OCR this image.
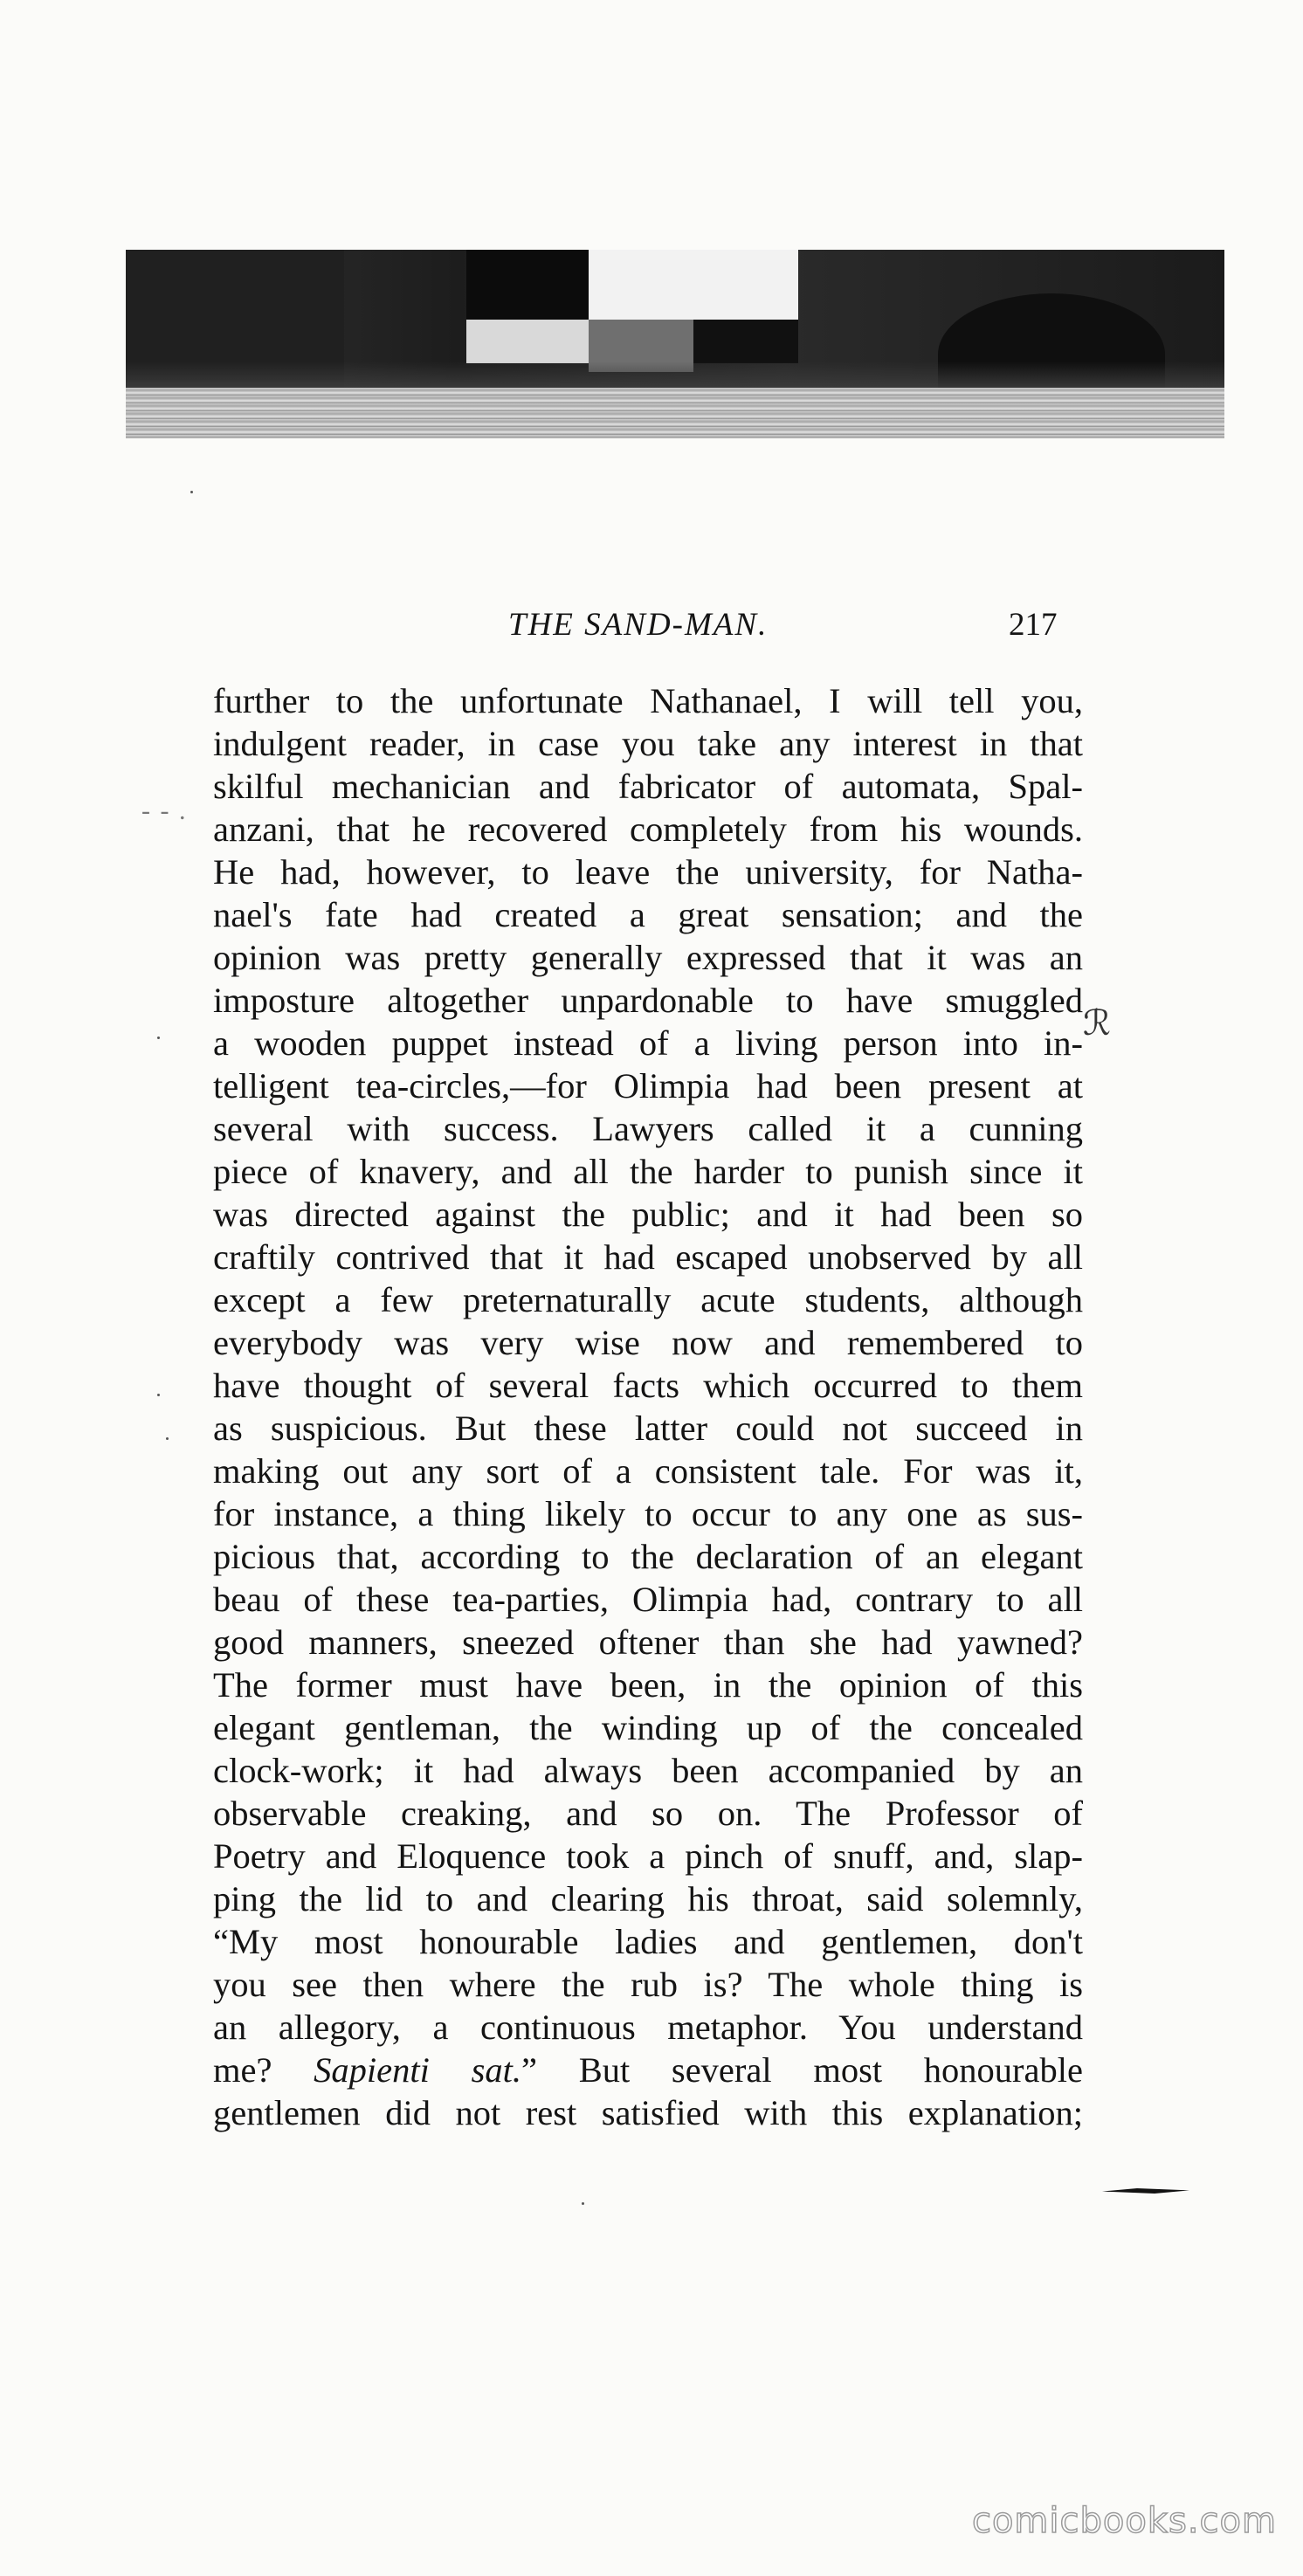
THE SAND-MAN.	217
- - .
ℛ
further to the unfortunate Nathanael, I will tell you,
indulgent reader, in case you take any interest in that
skilful mechanician and fabricator of automata, Spal-
anzani, that he recovered completely from his wounds.
He had, however, to leave the university, for Natha-
nael's fate had created a great sensation; and the
opinion was pretty generally expressed that it was an
imposture altogether unpardonable to have smuggled
a wooden puppet instead of a living person into in-
telligent tea-circles,—for Olimpia had been present at
several with success. Lawyers called it a cunning
piece of knavery, and all the harder to punish since it
was directed against the public; and it had been so
craftily contrived that it had escaped unobserved by all
except a few preternaturally acute students, although
everybody was very wise now and remembered to
have thought of several facts which occurred to them
as suspicious. But these latter could not succeed in
making out any sort of a consistent tale. For was it,
for instance, a thing likely to occur to any one as sus-
picious that, according to the declaration of an elegant
beau of these tea-parties, Olimpia had, contrary to all
good manners, sneezed oftener than she had yawned?
The former must have been, in the opinion of this
elegant gentleman, the winding up of the concealed
clock-work; it had always been accompanied by an
observable creaking, and so on. The Professor of
Poetry and Eloquence took a pinch of snuff, and, slap-
ping the lid to and clearing his throat, said solemnly,
“My most honourable ladies and gentlemen, don't
you see then where the rub is? The whole thing is
an allegory, a continuous metaphor. You understand
me? Sapienti sat.” But several most honourable
gentlemen did not rest satisfied with this explanation;
comicbooks.com
